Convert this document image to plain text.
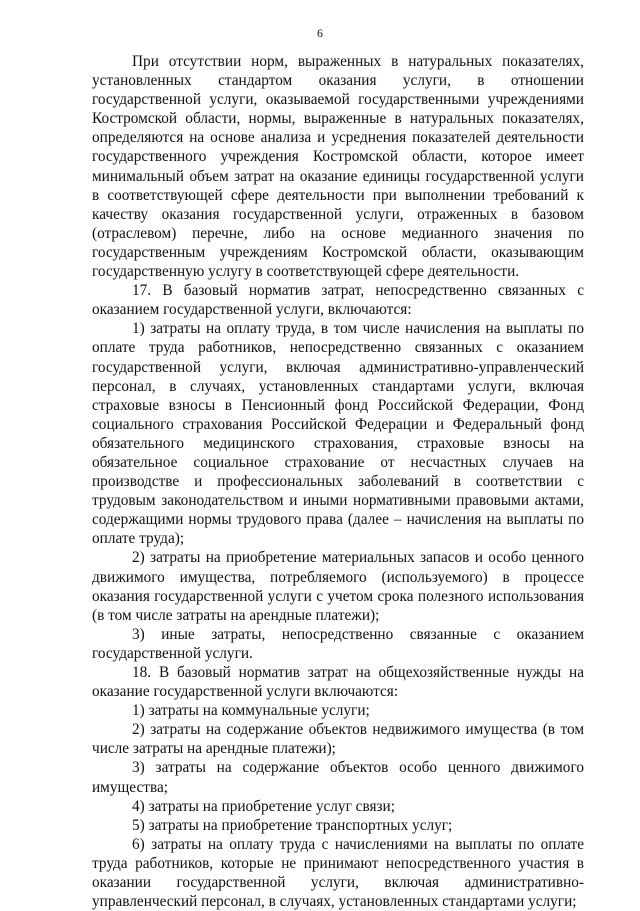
6

При отсутствии норм, выраженных в натуральных показателях, установленных стандартом оказания услуги, в отношении государственной услуги, оказываемой государственными учреждениями Костромской области, нормы, выраженные в натуральных показателях, определяются на основе анализа и усреднения показателей деятельности государственного учреждения Костромской области, которое имеет минимальный объем затрат на оказание единицы государственной услуги в соответствующей сфере деятельности при выполнении требований к качеству оказания государственной услуги, отраженных в базовом (отраслевом) перечне, либо на основе медианного значения по государственным учреждениям Костромской области, оказывающим государственную услугу в соответствующей сфере деятельности.

17. В базовый норматив затрат, непосредственно связанных с оказанием государственной услуги, включаются:

1) затраты на оплату труда, в том числе начисления на выплаты по оплате труда работников, непосредственно связанных с оказанием государственной услуги, включая административно-управленческий персонал, в случаях, установленных стандартами услуги, включая страховые взносы в Пенсионный фонд Российской Федерации, Фонд социального страхования Российской Федерации и Федеральный фонд обязательного медицинского страхования, страховые взносы на обязательное социальное страхование от несчастных случаев на производстве и профессиональных заболеваний в соответствии с трудовым законодательством и иными нормативными правовыми актами, содержащими нормы трудового права (далее – начисления на выплаты по оплате труда);

2) затраты на приобретение материальных запасов и особо ценного движимого имущества, потребляемого (используемого) в процессе оказания государственной услуги с учетом срока полезного использования (в том числе затраты на арендные платежи);

3) иные затраты, непосредственно связанные с оказанием государственной услуги.

18. В базовый норматив затрат на общехозяйственные нужды на оказание государственной услуги включаются:

1) затраты на коммунальные услуги;

2) затраты на содержание объектов недвижимого имущества (в том числе затраты на арендные платежи);

3) затраты на содержание объектов особо ценного движимого имущества;

4) затраты на приобретение услуг связи;

5) затраты на приобретение транспортных услуг;

6) затраты на оплату труда с начислениями на выплаты по оплате труда работников, которые не принимают непосредственного участия в оказании государственной услуги, включая административно-управленческий персонал, в случаях, установленных стандартами услуги;
